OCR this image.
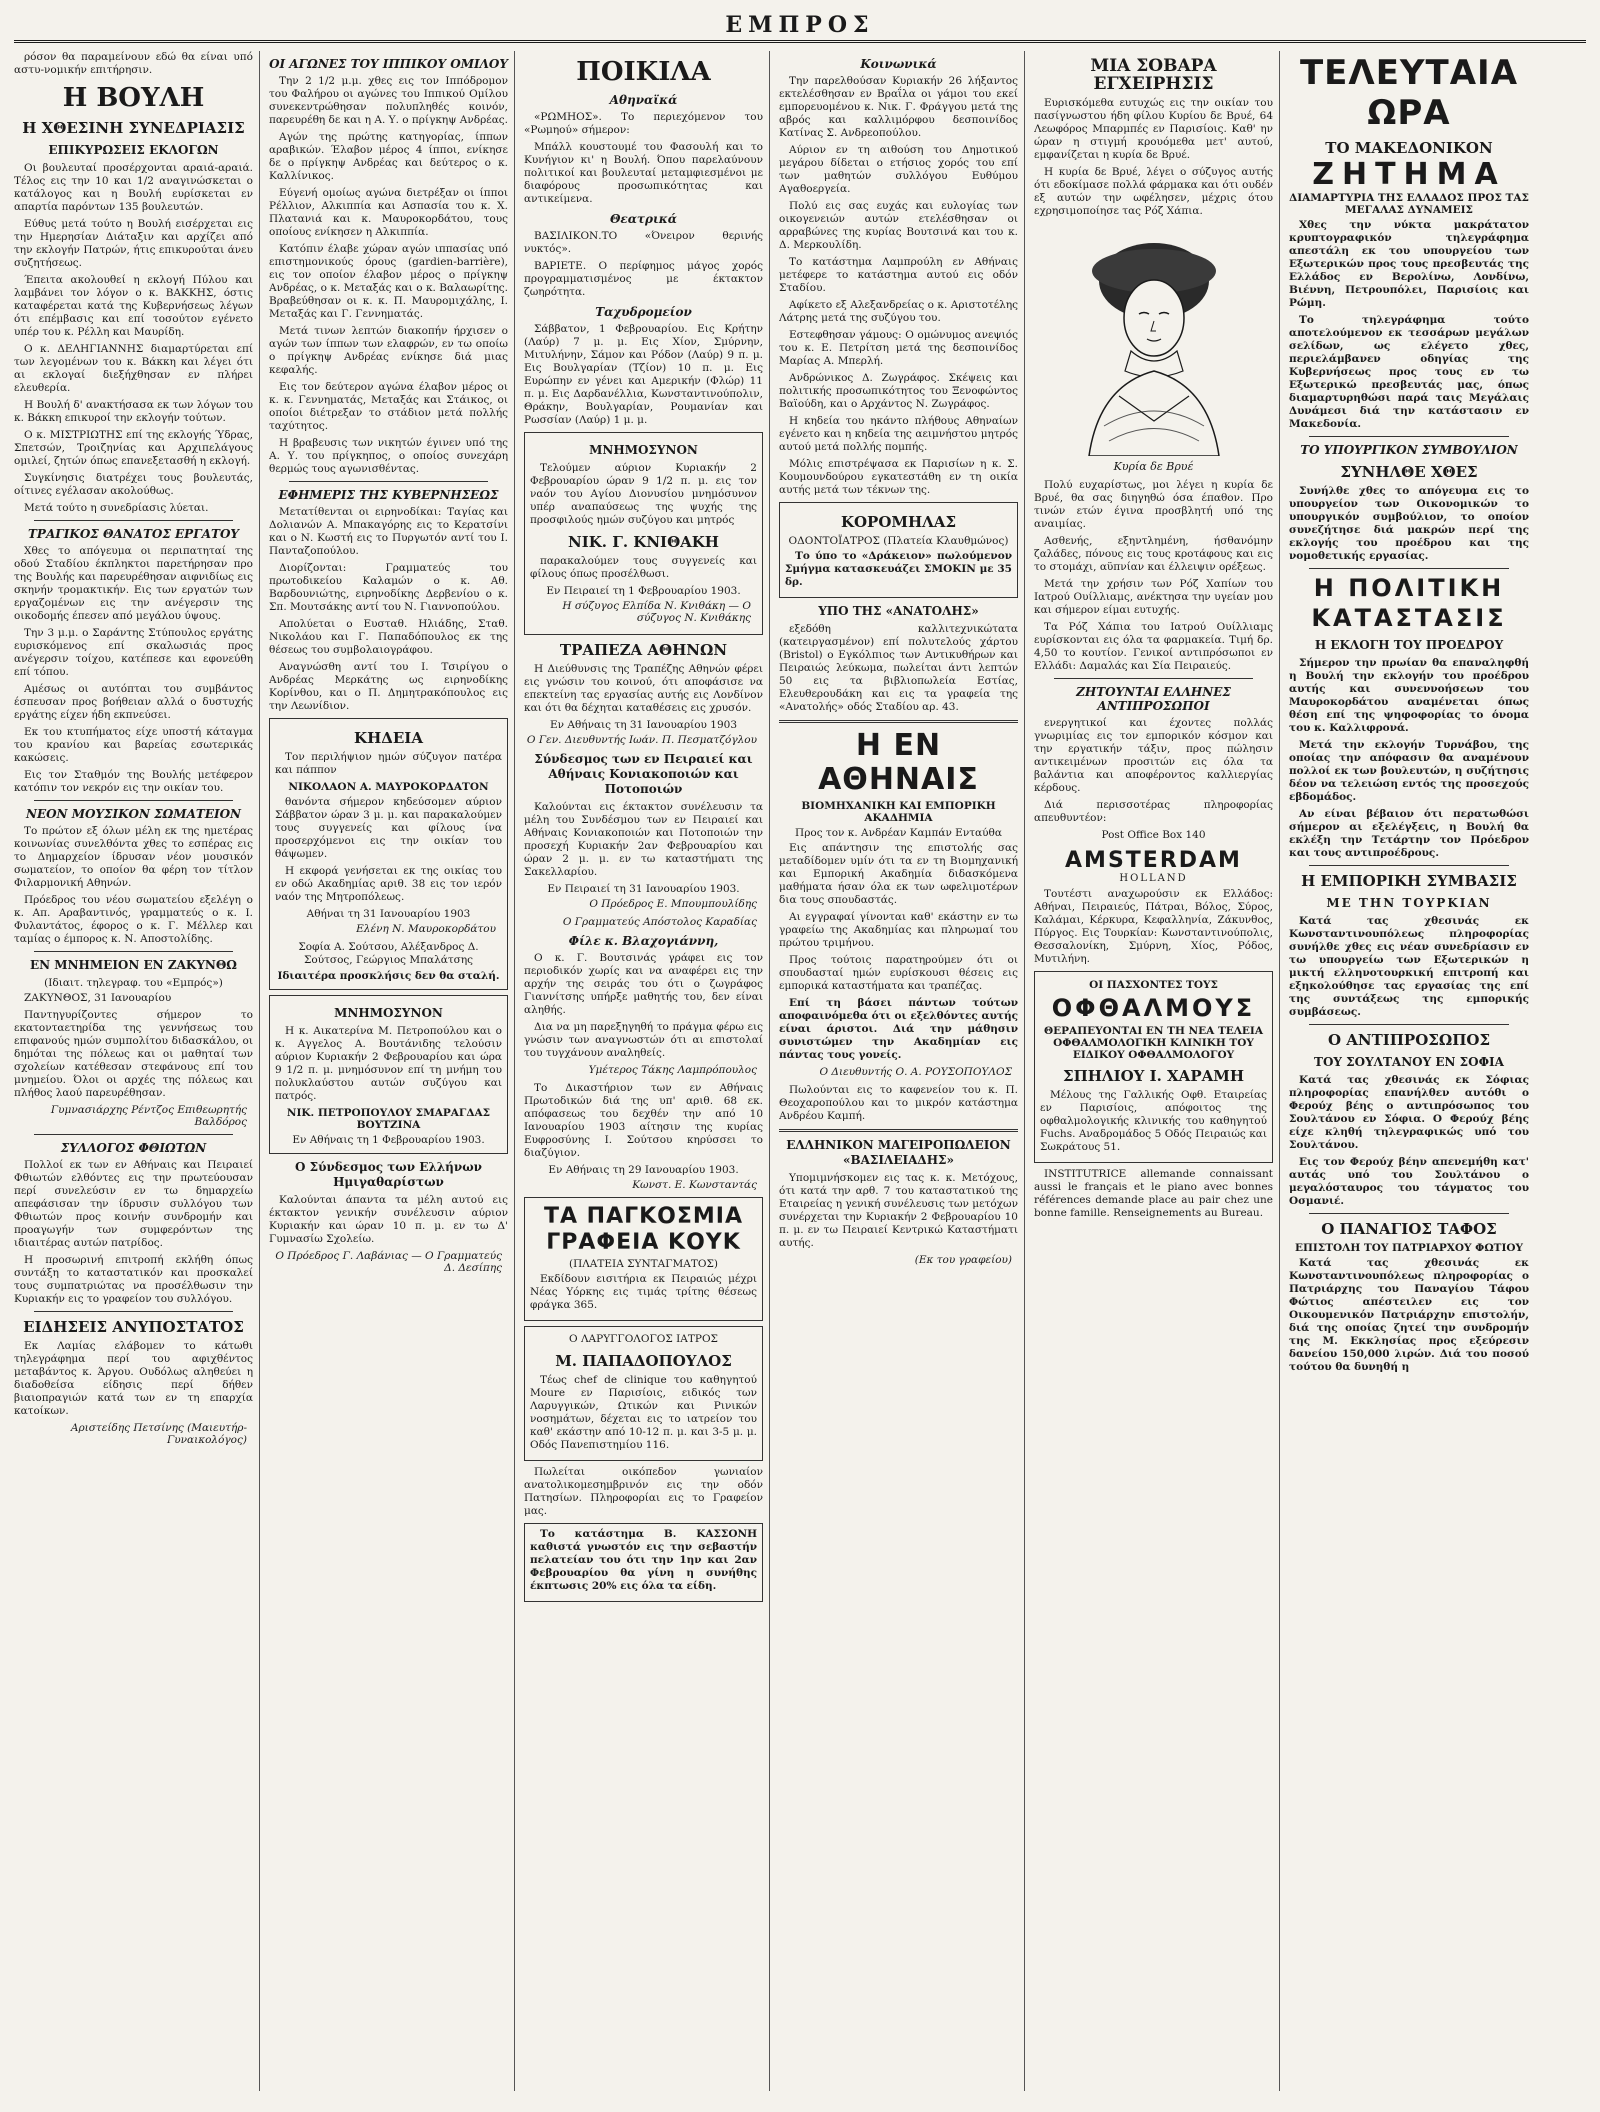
ΕΜΠΡΟΣ

ρόσον θα παραμείνουν εδώ θα είναι υπό αστυ-νομικήν επιτήρησιν.

Η ΒΟΥΛΗ
Η ΧΘΕΣΙΝΗ ΣΥΝΕΔΡΙΑΣΙΣ
ΕΠΙΚΥΡΩΣΕΙΣ ΕΚΛΟΓΩΝ

Οι βουλευταί προσέρχονται αραιά-αραιά. Τέλος εις την 10 και 1/2 αναγινώσκεται ο κατάλογος και η Βουλή ευρίσκεται εν απαρτία παρόντων 135 βουλευτών.

Εύθυς μετά τούτο η Βουλή εισέρχεται εις την Ημερησίαν Διάταξιν και αρχίζει από την εκλογήν Πατρών, ήτις επικυρούται άνευ συζητήσεως.

Έπειτα ακολουθεί η εκλογή Πύλου και λαμβάνει τον λόγον ο κ. ΒΑΚΚΗΣ, όστις καταφέρεται κατά της Κυβερνήσεως λέγων ότι επέμβασις και επί τοσούτον εγένετο υπέρ του κ. Ρέλλη και Μαυρίδη.

Ο κ. ΔΕΛΗΓΙΑΝΝΗΣ διαμαρτύρεται επί των λεγομένων του κ. Βάκκη και λέγει ότι αι εκλογαί διεξήχθησαν εν πλήρει ελευθερία.

Η Βουλή δ' ανακτήσασα εκ των λόγων του κ. Βάκκη επικυροί την εκλογήν τούτων.

Ο κ. ΜΙΣΤΡΙΩΤΗΣ επί της εκλογής Ύδρας, Σπετσών, Τροιζηνίας και Αρχιπελάγους ομιλεί, ζητών όπως επανεξετασθή η εκλογή.

Συγκίνησις διατρέχει τους βουλευτάς, οίτινες εγέλασαν ακολούθως.

Μετά τούτο η συνεδρίασις λύεται.

ΤΡΑΓΙΚΟΣ ΘΑΝΑΤΟΣ ΕΡΓΑΤΟΥ

Χθες το απόγευμα οι περιπατηταί της οδού Σταδίου έκπληκτοι παρετήρησαν προ της Βουλής και παρευρέθησαν αιφνιδίως εις σκηνήν τρομακτικήν. Εις των εργατών των εργαζομένων εις την ανέγερσιν της οικοδομής έπεσεν από μεγάλου ύψους.

Την 3 μ.μ. ο Σαράντης Στύπουλος εργάτης ευρισκόμενος επί σκαλωσιάς προς ανέγερσιν τοίχου, κατέπεσε και εφονεύθη επί τόπου.

Αμέσως οι αυτόπται του συμβάντος έσπευσαν προς βοήθειαν αλλά ο δυστυχής εργάτης είχεν ήδη εκπνεύσει.

Εκ του κτυπήματος είχε υποστή κάταγμα του κρανίου και βαρείας εσωτερικάς κακώσεις.

Εις τον Σταθμόν της Βουλής μετέφερον κατόπιν τον νεκρόν εις την οικίαν του.

ΝΕΟΝ ΜΟΥΣΙΚΟΝ ΣΩΜΑΤΕΙΟΝ

Το πρώτον εξ όλων μέλη εκ της ημετέρας κοινωνίας συνελθόντα χθες το εσπέρας εις το Δημαρχείον ίδρυσαν νέον μουσικόν σωματείον, το οποίον θα φέρη τον τίτλον Φιλαρμονική Αθηνών.

Πρόεδρος του νέου σωματείου εξελέγη ο κ. Απ. Αραβαντινός, γραμματεύς ο κ. Ι. Φυλαντάτος, έφορος ο κ. Γ. Μέλλερ και ταμίας ο έμπορος κ. Ν. Αποστολίδης.

ΕΝ ΜΝΗΜΕΙΟΝ ΕΝ ΖΑΚΥΝΘΩ
(Ιδιαιτ. τηλεγραφ. του «Εμπρός»)

ΖΑΚΥΝΘΟΣ, 31 Ιανουαρίου

Παντηγυρίζοντες σήμερον το εκατονταετηρίδα της γεννήσεως του επιφανούς ημών συμπολίτου διδασκάλου, οι δημόται της πόλεως και οι μαθηταί των σχολείων κατέθεσαν στεφάνους επί του μνημείου. Όλοι οι αρχές της πόλεως και πλήθος λαού παρευρέθησαν.

Γυμνασιάρχης Ρέντζος Επιθεωρητής Βαλδόρος
ΣΥΛΛΟΓΟΣ ΦΘΙΩΤΩΝ

Πολλοί εκ των εν Αθήναις και Πειραιεί Φθιωτών ελθόντες εις την πρωτεύουσαν περί συνελεύσιν εν τω δημαρχείω απεφάσισαν την ίδρυσιν συλλόγου των Φθιωτών προς κοινήν συνδρομήν και προαγωγήν των συμφερόντων της ιδιαιτέρας αυτών πατρίδος.

Η προσωρινή επιτροπή εκλήθη όπως συντάξη το καταστατικόν και προσκαλεί τους συμπατριώτας να προσέλθωσιν την Κυριακήν εις το γραφείον του συλλόγου.

ΕΙΔΗΣΕΙΣ ΑΝΥΠΟΣΤΑΤΟΣ

Εκ Λαμίας ελάβομεν το κάτωθι τηλεγράφημα περί του αφιχθέντος μεταβάντος κ. Άργου. Ουδόλως αληθεύει η διαδοθείσα είδησις περί δήθεν βιαιοπραγιών κατά των εν τη επαρχία κατοίκων.

Αριστείδης Πετσίνης (Μαιευτήρ-Γυναικολόγος)
ΟΙ ΑΓΩΝΕΣ ΤΟΥ ΙΠΠΙΚΟΥ ΟΜΙΛΟΥ

Την 2 1/2 μ.μ. χθες εις τον Ιππόδρομον του Φαλήρου οι αγώνες του Ιππικού Ομίλου συνεκεντρώθησαν πολυπληθές κοινόν, παρευρέθη δε και η Α. Υ. ο πρίγκηψ Ανδρέας.

Αγών της πρώτης κατηγορίας, ίππων αραβικών. Έλαβον μέρος 4 ίπποι, ενίκησε δε ο πρίγκηψ Ανδρέας και δεύτερος ο κ. Καλλίνικος.

Εύγενή ομοίως αγώνα διετρέξαν οι ίπποι Ρέλλιον, Αλκιππία και Ασπασία του κ. Χ. Πλατανιά και κ. Μαυροκορδάτου, τους οποίους ενίκησεν η Αλκιππία.

Κατόπιν έλαβε χώραν αγών ιππασίας υπό επιστημονικούς όρους (gardien-barrière), εις τον οποίον έλαβον μέρος ο πρίγκηψ Ανδρέας, ο κ. Μεταξάς και ο κ. Βαλαωρίτης. Βραβεύθησαν οι κ. κ. Π. Μαυρομιχάλης, Ι. Μεταξάς και Γ. Γεννηματάς.

Μετά τινων λεπτών διακοπήν ήρχισεν ο αγών των ίππων των ελαφρών, εν τω οποίω ο πρίγκηψ Ανδρέας ενίκησε διά μιας κεφαλής.

Εις τον δεύτερον αγώνα έλαβον μέρος οι κ. κ. Γεννηματάς, Μεταξάς και Στάικος, οι οποίοι διέτρεξαν το στάδιον μετά πολλής ταχύτητος.

Η βραβευσις των νικητών έγινεν υπό της Α. Υ. του πρίγκηπος, ο οποίος συνεχάρη θερμώς τους αγωνισθέντας.

ΕΦΗΜΕΡΙΣ ΤΗΣ ΚΥΒΕΡΝΗΣΕΩΣ

Μετατίθενται οι ειρηνοδίκαι: Ταγίας και Δολιανών Α. Μπακαγόρης εις το Κερατσίνι και ο Ν. Κωστή εις το Πυργωτόν αντί του Ι. Πανταζοπούλου.

Διορίζονται: Γραμματεύς του πρωτοδικείου Καλαμών ο κ. Αθ. Βαρδουνιώτης, ειρηνοδίκης Δερβενίου ο κ. Σπ. Μουτσάκης αντί του Ν. Γιαννοπούλου.

Απολύεται ο Ευσταθ. Ηλιάδης, Σταθ. Νικολάου και Γ. Παπαδόπουλος εκ της θέσεως του συμβολαιογράφου.

Αναγνώσθη αντί του Ι. Τσιρίγου ο Ανδρέας Μερκάτης ως ειρηνοδίκης Κορίνθου, και ο Π. Δημητρακόπουλος εις την Λεωνίδιον.

ΚΗΔΕΙΑ

Τον περιλήψιον ημών σύζυγον πατέρα και πάππον

ΝΙΚΟΛΑΟΝ Α. ΜΑΥΡΟΚΟΡΔΑΤΟΝ

θανόντα σήμερον κηδεύσομεν αύριον Σάββατον ώραν 3 μ. μ. και παρακαλούμεν τους συγγενείς και φίλους ίνα προσερχόμενοι εις την οικίαν του θάψωμεν.

Η εκφορά γενήσεται εκ της οικίας του εν οδώ Ακαδημίας αριθ. 38 εις τον ιερόν ναόν της Μητροπόλεως.

Αθήναι τη 31 Ιανουαρίου 1903
Ελένη Ν. Μαυροκορδάτου
Σοφία Α. Σούτσου, Αλέξανδρος Δ. Σούτσος, Γεώργιος Μπαλάτσης
Ιδιαιτέρα προσκλήσις δεν θα σταλή.
ΜΝΗΜΟΣΥΝΟΝ

Η κ. Αικατερίνα Μ. Πετροπούλου και ο κ. Αγγελος Α. Βουτάνιδης τελούσιν αύριον Κυριακήν 2 Φεβρουαρίου και ώρα 9 1/2 π. μ. μνημόσυνον επί τη μνήμη του πολυκλαύστου αυτών συζύγου και πατρός.

ΝΙΚ. ΠΕΤΡΟΠΟΥΛΟΥ ΣΜΑΡΑΓΔΑΣ ΒΟΥΤΖΙΝΑ
Εν Αθήναις τη 1 Φεβρουαρίου 1903.
Ο Σύνδεσμος των Ελλήνων Ημιγαθαρίστων

Καλούνται άπαντα τα μέλη αυτού εις έκτακτον γενικήν συνέλευσιν αύριον Κυριακήν και ώραν 10 π. μ. εν τω Δ' Γυμνασίω Σχολείω.

Ο Πρόεδρος Γ. Λαβάνιας — Ο Γραμματεύς Δ. Δεσίπης
ΠΟΙΚΙΛΑ
Αθηναϊκά

«ΡΩΜΗΟΣ». Το περιεχόμενον του «Ρωμηού» σήμερον:

Μπάλλ κουστουμέ του Φασουλή και το Κυνήγιον κι' η Βουλή. Όπου παρελαύνουν πολιτικοί και βουλευταί μεταμφιεσμένοι με διαφόρους προσωπικότητας και αντικείμενα.

Θεατρικά

ΒΑΣΙΛΙΚΟΝ.ΤΟ «Όνειρον θερινής νυκτός».

ΒΑΡΙΕΤΕ. Ο περίφημος μάγος χορός προγραμματισμένος με έκτακτον ζωηρότητα.

Ταχυδρομείον

Σάββατον, 1 Φεβρουαρίου. Εις Κρήτην (Λαύρ) 7 μ. μ. Εις Χίον, Σμύρνην, Μιτυλήνην, Σάμον και Ρόδον (Λαύρ) 9 π. μ. Εις Βουλγαρίαν (Τζίον) 10 π. μ. Εις Ευρώπην εν γένει και Αμερικήν (Φλώρ) 11 π. μ. Εις Δαρδανέλλια, Κωνσταντινούπολιν, Θράκην, Βουλγαρίαν, Ρουμανίαν και Ρωσσίαν (Λαύρ) 1 μ. μ.

ΜΝΗΜΟΣΥΝΟΝ

Τελούμεν αύριον Κυριακήν 2 Φεβρουαρίου ώραν 9 1/2 π. μ. εις τον ναόν του Αγίου Διονυσίου μνημόσυνον υπέρ αναπαύσεως της ψυχής της προσφιλούς ημών συζύγου και μητρός

ΝΙΚ. Γ. ΚΝΙΘΑΚΗ

παρακαλούμεν τους συγγενείς και φίλους όπως προσέλθωσι.

Εν Πειραιεί τη 1 Φεβρουαρίου 1903.
Η σύζυγος Ελπίδα Ν. Κνιθάκη — Ο σύζυγος Ν. Κνιθάκης
ΤΡΑΠΕΖΑ ΑΘΗΝΩΝ

Η Διεύθυνσις της Τραπέζης Αθηνών φέρει εις γνώσιν του κοινού, ότι αποφάσισε να επεκτείνη τας εργασίας αυτής εις Λονδίνον και ότι θα δέχηται καταθέσεις εις χρυσόν.

Εν Αθήναις τη 31 Ιανουαρίου 1903
Ο Γεν. Διευθυντής Ιωάν. Π. Πεσματζόγλου
Σύνδεσμος των εν Πειραιεί και Αθήναις Κονιακοποιών και Ποτοποιών

Καλούνται εις έκτακτον συνέλευσιν τα μέλη του Συνδέσμου των εν Πειραιεί και Αθήναις Κονιακοποιών και Ποτοποιών την προσεχή Κυριακήν 2αν Φεβρουαρίου και ώραν 2 μ. μ. εν τω καταστήματι της Σακελλαρίου.

Εν Πειραιεί τη 31 Ιανουαρίου 1903.
Ο Πρόεδρος Ε. Μπουμπουλίδης
Ο Γραμματεύς Απόστολος Καραδίας
Φίλε κ. Βλαχογιάννη,

Ο κ. Γ. Βουτσινάς γράφει εις τον περιοδικόν χωρίς και να αναφέρει εις την αρχήν της σειράς του ότι ο ζωγράφος Γιαννίτσης υπήρξε μαθητής του, δεν είναι αληθής.

Δια να μη παρεξηγηθή το πράγμα φέρω εις γνώσιν των αναγνωστών ότι αι επιστολαί του τυγχάνουν αναληθείς.

Υμέτερος Τάκης Λαμπρόπουλος

Το Δικαστήριον των εν Αθήναις Πρωτοδικών διά της υπ' αριθ. 68 εκ. απόφασεως του δεχθέν την από 10 Ιανουαρίου 1903 αίτησιν της κυρίας Ευφροσύνης Ι. Σούτσου κηρύσσει το διαζύγιον.

Εν Αθήναις τη 29 Ιανουαρίου 1903.
Κωνστ. Ε. Κωνσταντάς
ΤΑ ΠΑΓΚΟΣΜΙΑ ΓΡΑΦΕΙΑ ΚΟΥΚ
(ΠΛΑΤΕΙΑ ΣΥΝΤΑΓΜΑΤΟΣ)

Εκδίδουν εισιτήρια εκ Πειραιώς μέχρι Νέας Υόρκης εις τιμάς τρίτης θέσεως φράγκα 365.

Ο ΛΑΡΥΓΓΟΛΟΓΟΣ ΙΑΤΡΟΣ
Μ. ΠΑΠΑΔΟΠΟΥΛΟΣ

Τέως chef de clinique του καθηγητού Moure εν Παρισίοις, ειδικός των Λαρυγγικών, Ωτικών και Ρινικών νοσημάτων, δέχεται εις το ιατρείον του καθ' εκάστην από 10-12 π. μ. και 3-5 μ. μ. Οδός Πανεπιστημίου 116.

Πωλείται οικόπεδον γωνιαίον ανατολικομεσημβρινόν εις την οδόν Πατησίων. Πληροφορίαι εις το Γραφείον μας.

Το κατάστημα Β. ΚΑΣΣΟΝΗ καθιστά γνωστόν εις την σεβαστήν πελατείαν του ότι την 1ην και 2αν Φεβρουαρίου θα γίνη η συνήθης έκπτωσις 20% εις όλα τα είδη.

Κοινωνικά

Την παρελθούσαν Κυριακήν 26 λήξαντος εκτελέσθησαν εν Βραΐλα οι γάμοι του εκεί εμπορευομένου κ. Νικ. Γ. Φράγγου μετά της αβρός και καλλιμόρφου δεσποινίδος Κατίνας Σ. Ανδρεοπούλου.

Αύριον εν τη αιθούση του Δημοτικού μεγάρου δίδεται ο ετήσιος χορός του επί των μαθητών συλλόγου Ευθύμου Αγαθοεργεία.

Πολύ εις σας ευχάς και ευλογίας των οικογενειών αυτών ετελέσθησαν οι αρραβώνες της κυρίας Βουτσινά και του κ. Δ. Μερκουλίδη.

Το κατάστημα Λαμπρούλη εν Αθήναις μετέφερε το κατάστημα αυτού εις οδόν Σταδίου.

Αφίκετο εξ Αλεξανδρείας ο κ. Αριστοτέλης Λάτρης μετά της συζύγου του.

Εστεφθησαν γάμους: Ο ομώνυμος ανεψιός του κ. Ε. Πετρίτση μετά της δεσποινίδος Μαρίας Α. Μπερλή.

Ανδρώνικος Δ. Ζωγράφος. Σκέψεις και πολιτικής προσωπικότητος του Ξενοφώντος Βαϊούδη, και ο Αρχάντος Ν. Ζωγράφος.

Η κηδεία του ηκάντο πλήθους Αθηναίων εγένετο και η κηδεία της αειμνήστου μητρός αυτού μετά πολλής πομπής.

Μόλις επιστρέψασα εκ Παρισίων η κ. Σ. Κουμουνδούρου εγκατεστάθη εν τη οικία αυτής μετά των τέκνων της.

ΚΟΡΟΜΗΛΑΣ
ΟΔΟΝΤΟΪΑΤΡΟΣ (Πλατεία Κλαυθμώνος)

Το ύπο το «Δράκειον» πωλούμενον Σμήγμα κατασκευάζει ΣΜΟΚΙΝ με 35 δρ.

ΥΠΟ ΤΗΣ «ΑΝΑΤΟΛΗΣ»

εξεδόθη καλλιτεχνικώτατα (κατειργασμένον) επί πολυτελούς χάρτου (Bristol) ο Εγκόλπιος των Αντικυθήρων και Πειραιώς λεύκωμα, πωλείται άντι λεπτών 50 εις τα βιβλιοπωλεία Εστίας, Ελευθερουδάκη και εις τα γραφεία της «Ανατολής» οδός Σταδίου αρ. 43.

Η ΕΝ ΑΘΗΝΑΙΣ
ΒΙΟΜΗΧΑΝΙΚΗ ΚΑΙ ΕΜΠΟΡΙΚΗ ΑΚΑΔΗΜΙΑ
Προς τον κ. Ανδρέαν Καμπάν Ενταύθα

Εις απάντησιν της επιστολής σας μεταδίδομεν υμίν ότι τα εν τη Βιομηχανική και Εμπορική Ακαδημία διδασκόμενα μαθήματα ήσαν όλα εκ των ωφελιμοτέρων δια τους σπουδαστάς.

Αι εγγραφαί γίνονται καθ' εκάστην εν τω γραφείω της Ακαδημίας και πληρωμαί του πρώτου τριμήνου.

Προς τούτοις παρατηρούμεν ότι οι σπουδασταί ημών ευρίσκουσι θέσεις εις εμπορικά καταστήματα και τραπέζας.

Επί τη βάσει πάντων τούτων αποφαινόμεθα ότι οι εξελθόντες αυτής είναι άριστοι. Διά την μάθησιν συνιστώμεν την Ακαδημίαν εις πάντας τους γονείς.

Ο Διευθυντής Ο. Α. ΡΟΥΣΟΠΟΥΛΟΣ

Πωλούνται εις το καφενείον του κ. Π. Θεοχαροπούλου και το μικρόν κατάστημα Ανδρέου Καμπή.

ΕΛΛΗΝΙΚΟΝ ΜΑΓΕΙΡΟΠΩΛΕΙΟΝ «ΒΑΣΙΛΕΙΑΔΗΣ»

Υπομιμνήσκομεν εις τας κ. κ. Μετόχους, ότι κατά την αρθ. 7 του καταστατικού της Εταιρείας η γενική συνέλευσις των μετόχων συνέρχεται την Κυριακήν 2 Φεβρουαρίου 10 π. μ. εν τω Πειραιεί Κεντρικώ Καταστήματι αυτής.

(Εκ του γραφείου)
ΜΙΑ ΣΟΒΑΡΑ ΕΓΧΕΙΡΗΣΙΣ

Ευρισκόμεθα ευτυχώς εις την οικίαν του πασίγνωστου ήδη φίλου Κυρίου δε Βρυέ, 64 Λεωφόρος Μπαρμπές εν Παρισίοις. Καθ' ην ώραν η στιγμή κρουόμεθα μετ' αυτού, εμφανίζεται η κυρία δε Βρυέ.

Η κυρία δε Βρυέ, λέγει ο σύζυγος αυτής ότι εδοκίμασε πολλά φάρμακα και ότι ουδέν εξ αυτών την ωφέλησεν, μέχρις ότου εχρησιμοποίησε τας Ρόζ Χάπια.

Κυρία δε Βρυέ

Πολύ ευχαρίστως, μοι λέγει η κυρία δε Βρυέ, θα σας διηγηθώ όσα έπαθον. Προ τινών ετών έγινα προσβλητή υπό της αναιμίας.

Ασθενής, εξηντλημένη, ήσθανόμην ζαλάδες, πόνους εις τους κροτάφους και εις το στομάχι, αϋπνίαν και έλλειψιν ορέξεως.

Μετά την χρήσιν των Ρόζ Χαπίων του Ιατρού Ουίλλιαμς, ανέκτησα την υγείαν μου και σήμερον είμαι ευτυχής.

Τα Ρόζ Χάπια του Ιατρού Ουίλλιαμς ευρίσκονται εις όλα τα φαρμακεία. Τιμή δρ. 4,50 το κουτίον. Γενικοί αντιπρόσωποι εν Ελλάδι: Δαμαλάς και Σία Πειραιεύς.

ΖΗΤΟΥΝΤΑΙ ΕΛΛΗΝΕΣ ΑΝΤΙΠΡΟΣΩΠΟΙ

ενεργητικοί και έχοντες πολλάς γνωριμίας εις τον εμπορικόν κόσμον και την εργατικήν τάξιν, προς πώλησιν αντικειμένων προσιτών εις όλα τα βαλάντια και αποφέροντος καλλιεργίας κέρδους.

Διά περισσοτέρας πληροφορίας απευθυντέον:

Post Office Box 140
AMSTERDAM
HOLLAND

Τουτέστι αναχωρούσιν εκ Ελλάδος: Αθήναι, Πειραιεύς, Πάτραι, Βόλος, Σύρος, Καλάμαι, Κέρκυρα, Κεφαλληνία, Ζάκυνθος, Πύργος. Εις Τουρκίαν: Κωνσταντινούπολις, Θεσσαλονίκη, Σμύρνη, Χίος, Ρόδος, Μυτιλήνη.

ΟΙ ΠΑΣΧΟΝΤΕΣ ΤΟΥΣ
ΟΦΘΑΛΜΟΥΣ
ΘΕΡΑΠΕΥΟΝΤΑΙ ΕΝ ΤΗ ΝΕΑ ΤΕΛΕΙΑ ΟΦΘΑΛΜΟΛΟΓΙΚΗ ΚΛΙΝΙΚΗ ΤΟΥ ΕΙΔΙΚΟΥ ΟΦΘΑΛΜΟΛΟΓΟΥ
ΣΠΗΛΙΟΥ Ι. ΧΑΡΑΜΗ

Μέλους της Γαλλικής Οφθ. Εταιρείας εν Παρισίοις, απόφοιτος της οφθαλμολογικής κλινικής του καθηγητού Fuchs. Αναδρομάδος 5 Οδός Πειραιώς και Σωκράτους 51.

INSTITUTRICE allemande connaissant aussi le français et le piano avec bonnes références demande place au pair chez une bonne famille. Renseignements au Bureau.

ΤΕΛΕΥΤΑΙΑ ΩΡΑ
ΤΟ ΜΑΚΕΔΟΝΙΚΟΝ
ΖΗΤΗΜΑ
ΔΙΑΜΑΡΤΥΡΙΑ ΤΗΣ ΕΛΛΑΔΟΣ ΠΡΟΣ ΤΑΣ ΜΕΓΑΛΑΣ ΔΥΝΑΜΕΙΣ

Χθες την νύκτα μακράτατον κρυπτογραφικόν τηλεγράφημα απεστάλη εκ του υπουργείου των Εξωτερικών προς τους πρεσβευτάς της Ελλάδος εν Βερολίνω, Λονδίνω, Βιέννη, Πετρουπόλει, Παρισίοις και Ρώμη.

Το τηλεγράφημα τούτο αποτελούμενον εκ τεσσάρων μεγάλων σελίδων, ως ελέγετο χθες, περιελάμβανεν οδηγίας της Κυβερνήσεως προς τους εν τω Εξωτερικώ πρεσβευτάς μας, όπως διαμαρτυρηθώσι παρά ταις Μεγάλαις Δυνάμεσι διά την κατάστασιν εν Μακεδονία.

ΤΟ ΥΠΟΥΡΓΙΚΟΝ ΣΥΜΒΟΥΛΙΟΝ
ΣΥΝΗΛΘΕ ΧΘΕΣ

Συνήλθε χθες το απόγευμα εις το υπουργείον των Οικονομικών το υπουργικόν συμβούλιον, το οποίον συνεζήτησε διά μακρών περί της εκλογής του προέδρου και της νομοθετικής εργασίας.

Η ΠΟΛΙΤΙΚΗ
ΚΑΤΑΣΤΑΣΙΣ
Η ΕΚΛΟΓΗ ΤΟΥ ΠΡΟΕΔΡΟΥ

Σήμερον την πρωίαν θα επαναληφθή η Βουλή την εκλογήν του προέδρου αυτής και συνεννοήσεων του Μαυροκορδάτου αναμένεται όπως θέση επί της ψηφοφορίας το όνομα του κ. Καλλιφρονά.

Μετά την εκλογήν Τυρνάβου, της οποίας την απόφασιν θα αναμένουν πολλοί εκ των βουλευτών, η συζήτησις δέον να τελειώση εντός της προσεχούς εβδομάδος.

Αν είναι βέβαιον ότι περατωθώσι σήμερον αι εξελέγξεις, η Βουλή θα εκλέξη την Τετάρτην τον Πρόεδρον και τους αντιπροέδρους.

Η ΕΜΠΟΡΙΚΗ ΣΥΜΒΑΣΙΣ
ΜΕ ΤΗΝ ΤΟΥΡΚΙΑΝ

Κατά τας χθεσινάς εκ Κωνσταντινουπόλεως πληροφορίας συνήλθε χθες εις νέαν συνεδρίασιν εν τω υπουργείω των Εξωτερικών η μικτή ελληνοτουρκική επιτροπή και εξηκολούθησε τας εργασίας της επί της συντάξεως της εμπορικής συμβάσεως.

Ο ΑΝΤΙΠΡΟΣΩΠΟΣ
ΤΟΥ ΣΟΥΛΤΑΝΟΥ ΕΝ ΣΟΦΙΑ

Κατά τας χθεσινάς εκ Σόφιας πληροφορίας επανήλθεν αυτόθι ο Φερούχ βέης ο αντιπρόσωπος του Σουλτάνου εν Σόφια. Ο Φερούχ βέης είχε κληθή τηλεγραφικώς υπό του Σουλτάνου.

Εις τον Φερούχ βέην απενεμήθη κατ' αυτάς υπό του Σουλτάνου ο μεγαλόσταυρος του τάγματος του Οσμανιέ.

Ο ΠΑΝΑΓΙΟΣ ΤΑΦΟΣ
ΕΠΙΣΤΟΛΗ ΤΟΥ ΠΑΤΡΙΑΡΧΟΥ ΦΩΤΙΟΥ

Κατά τας χθεσινάς εκ Κωνσταντινουπόλεως πληροφορίας ο Πατριάρχης του Παναγίου Τάφου Φώτιος απέστειλεν εις τον Οικουμενικόν Πατριάρχην επιστολήν, διά της οποίας ζητεί την συνδρομήν της Μ. Εκκλησίας προς εξεύρεσιν δανείου 150,000 λιρών. Διά του ποσού τούτου θα δυνηθή η
